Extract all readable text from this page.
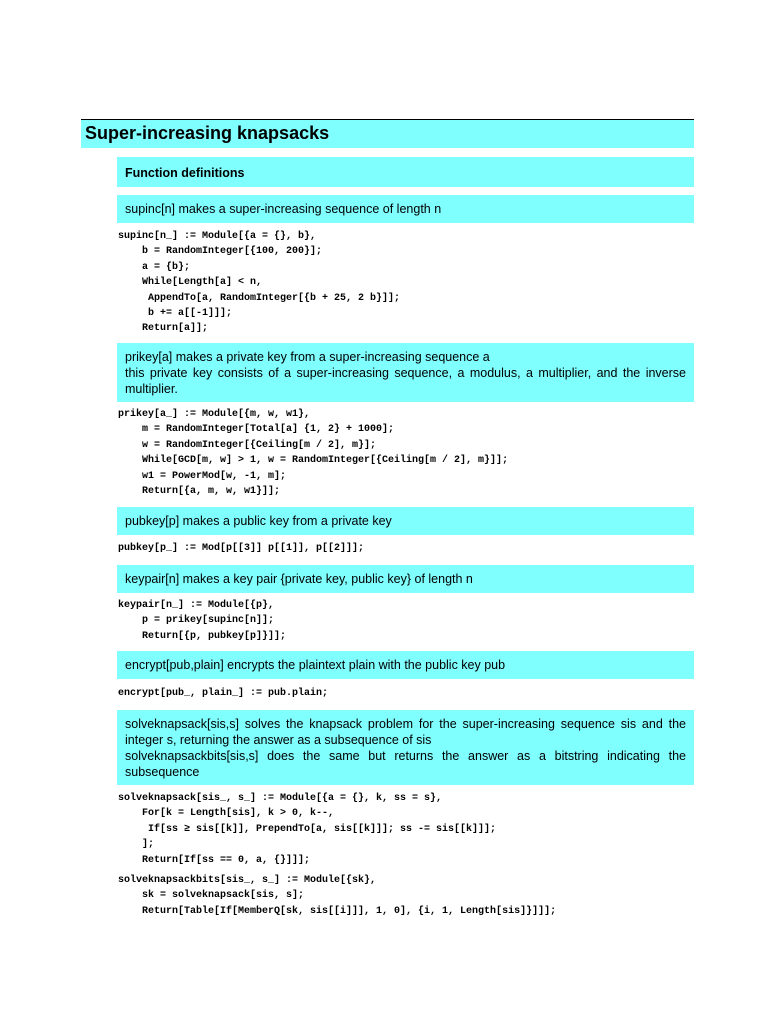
Super-increasing knapsacks
Function definitions
supinc[n] makes a super-increasing sequence of length n
supinc[n_] := Module[{a = {}, b},
b = RandomInteger[{100, 200}];
a = {b};
While[Length[a] < n,
AppendTo[a, RandomInteger[{b + 25, 2 b}]];
b += a[[-1]]];
Return[a]];
prikey[a] makes a private key from a super-increasing sequence a
this private key consists of a super-increasing sequence, a modulus, a multiplier, and the inverse multiplier.
prikey[a_] := Module[{m, w, w1},
m = RandomInteger[Total[a] {1, 2} + 1000];
w = RandomInteger[{Ceiling[m / 2], m}];
While[GCD[m, w] > 1, w = RandomInteger[{Ceiling[m / 2], m}]];
w1 = PowerMod[w, -1, m];
Return[{a, m, w, w1}]];
pubkey[p] makes a public key from a private key
pubkey[p_] := Mod[p[[3]] p[[1]], p[[2]]];
keypair[n] makes a key pair {private key, public key} of length n
keypair[n_] := Module[{p},
p = prikey[supinc[n]];
Return[{p, pubkey[p]}]];
encrypt[pub,plain] encrypts the plaintext plain with the public key pub
encrypt[pub_, plain_] := pub.plain;
solveknapsack[sis,s] solves the knapsack problem for the super-increasing sequence sis and the integer s, returning the answer as a subsequence of sis
solveknapsackbits[sis,s] does the same but returns the answer as a bitstring indicating the subsequence
solveknapsack[sis_, s_] := Module[{a = {}, k, ss = s},
For[k = Length[sis], k > 0, k--,
If[ss ≥ sis[[k]], PrependTo[a, sis[[k]]]; ss -= sis[[k]]];
];
Return[If[ss == 0, a, {}]]];
solveknapsackbits[sis_, s_] := Module[{sk},
sk = solveknapsack[sis, s];
Return[Table[If[MemberQ[sk, sis[[i]]], 1, 0], {i, 1, Length[sis]}]]];
